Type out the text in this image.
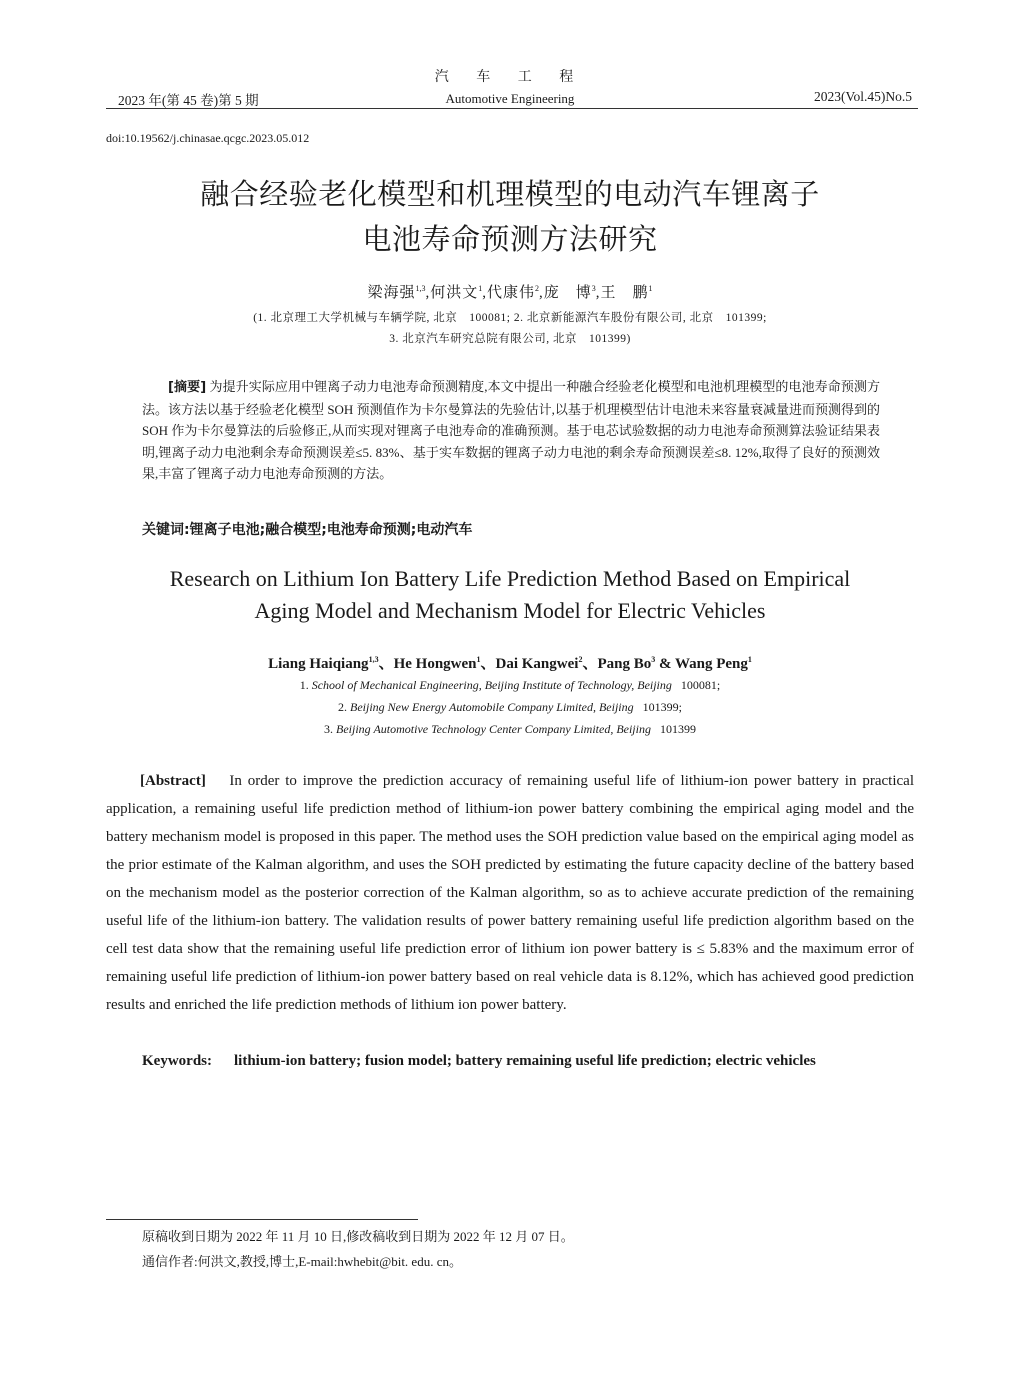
汽 车 工 程
2023 年(第 45 卷)第 5 期	Automotive Engineering	2023(Vol.45)No.5
doi:10.19562/j.chinasae.qcgc.2023.05.012
融合经验老化模型和机理模型的电动汽车锂离子
电池寿命预测方法研究
梁海强$^{1,3}$,何洪文$^1$,代康伟$^2$,庞　博$^3$,王　鹏$^1$
(1. 北京理工大学机械与车辆学院, 北京　100081; 2. 北京新能源汽车股份有限公司, 北京　101399;
3. 北京汽车研究总院有限公司, 北京　101399)
[摘要] 为提升实际应用中锂离子动力电池寿命预测精度,本文中提出一种融合经验老化模型和电池机理模型的电池寿命预测方法。该方法以基于经验老化模型 SOH 预测值作为卡尔曼算法的先验估计,以基于机理模型估计电池未来容量衰减量进而预测得到的SOH 作为卡尔曼算法的后验修正,从而实现对锂离子电池寿命的准确预测。基于电芯试验数据的动力电池寿命预测算法验证结果表明,锂离子动力电池剩余寿命预测误差≤5. 83%、基于实车数据的锂离子动力电池的剩余寿命预测误差≤8. 12%,取得了良好的预测效果,丰富了锂离子动力电池寿命预测的方法。
关键词:锂离子电池;融合模型;电池寿命预测;电动汽车
Research on Lithium Ion Battery Life Prediction Method Based on Empirical
Aging Model and Mechanism Model for Electric Vehicles
Liang Haiqiang$^{1,3}$、He Hongwen$^1$、Dai Kangwei$^2$、Pang Bo$^3$ & Wang Peng$^1$
1. School of Mechanical Engineering, Beijing Institute of Technology, Beijing 100081;
2. Beijing New Energy Automobile Company Limited, Beijing 101399;
3. Beijing Automotive Technology Center Company Limited, Beijing 101399
[Abstract] In order to improve the prediction accuracy of remaining useful life of lithium-ion power battery in practical application, a remaining useful life prediction method of lithium-ion power battery combining the empirical aging model and the battery mechanism model is proposed in this paper. The method uses the SOH prediction value based on the empirical aging model as the prior estimate of the Kalman algorithm, and uses the SOH predicted by estimating the future capacity decline of the battery based on the mechanism model as the posterior correction of the Kalman algorithm, so as to achieve accurate prediction of the remaining useful life of the lithium-ion battery. The validation results of power battery remaining useful life prediction algorithm based on the cell test data show that the remaining useful life prediction error of lithium ion power battery is ≤ 5.83% and the maximum error of remaining useful life prediction of lithium-ion power battery based on real vehicle data is 8.12%, which has achieved good prediction results and enriched the life prediction methods of lithium ion power battery.
Keywords:	lithium-ion battery; fusion model; battery remaining useful life prediction; electric vehicles
原稿收到日期为 2022 年 11 月 10 日,修改稿收到日期为 2022 年 12 月 07 日。
通信作者:何洪文,教授,博士,E-mail:hwhebit@bit. edu. cn。
